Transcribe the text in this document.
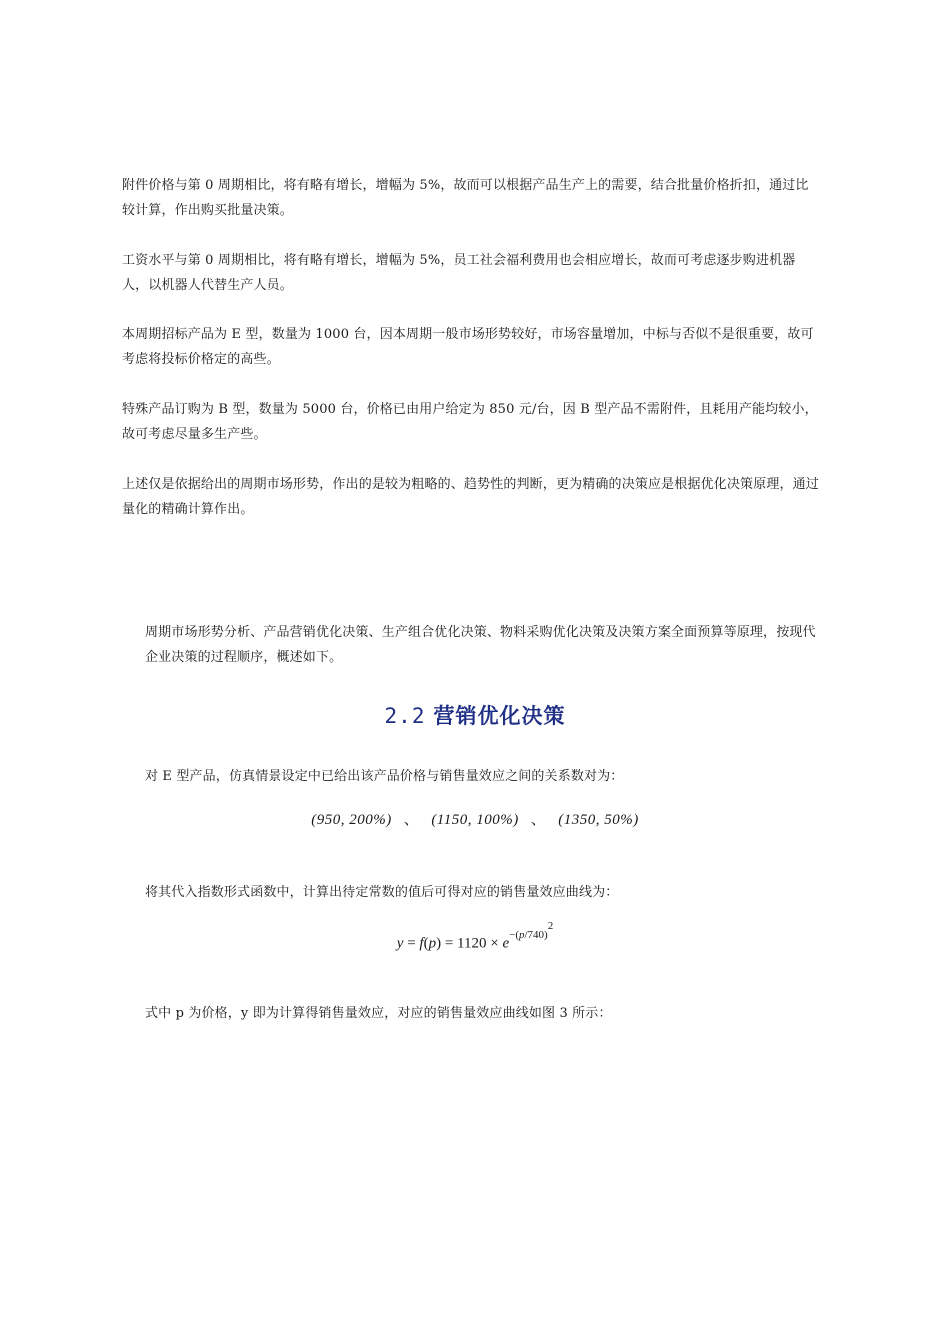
附件价格与第 0 周期相比，将有略有增长，增幅为 5%，故而可以根据产品生产上的需要，结合批量价格折扣，通过比较计算，作出购买批量决策。

工资水平与第 0 周期相比，将有略有增长，增幅为 5%，员工社会福利费用也会相应增长，故而可考虑逐步购进机器人，以机器人代替生产人员。

本周期招标产品为 E 型，数量为 1000 台，因本周期一般市场形势较好，市场容量增加，中标与否似不是很重要，故可考虑将投标价格定的高些。

特殊产品订购为 B 型，数量为 5000 台，价格已由用户给定为 850 元/台，因 B 型产品不需附件，且耗用产能均较小，故可考虑尽量多生产些。

上述仅是依据给出的周期市场形势，作出的是较为粗略的、趋势性的判断，更为精确的决策应是根据优化决策原理，通过量化的精确计算作出。

周期市场形势分析、产品营销优化决策、生产组合优化决策、物料采购优化决策及决策方案全面预算等原理，按现代企业决策的过程顺序，概述如下。

2.2 营销优化决策

对 E 型产品，仿真情景设定中已给出该产品价格与销售量效应之间的关系数对为：

(950, 200%) 、 (1150, 100%) 、 (1350, 50%)

将其代入指数形式函数中，计算出待定常数的值后可得对应的销售量效应曲线为：

$y = f(p) = 1120 \times e^{-(p/740)^2}$

式中 p 为价格，y 即为计算得销售量效应，对应的销售量效应曲线如图 3 所示：
